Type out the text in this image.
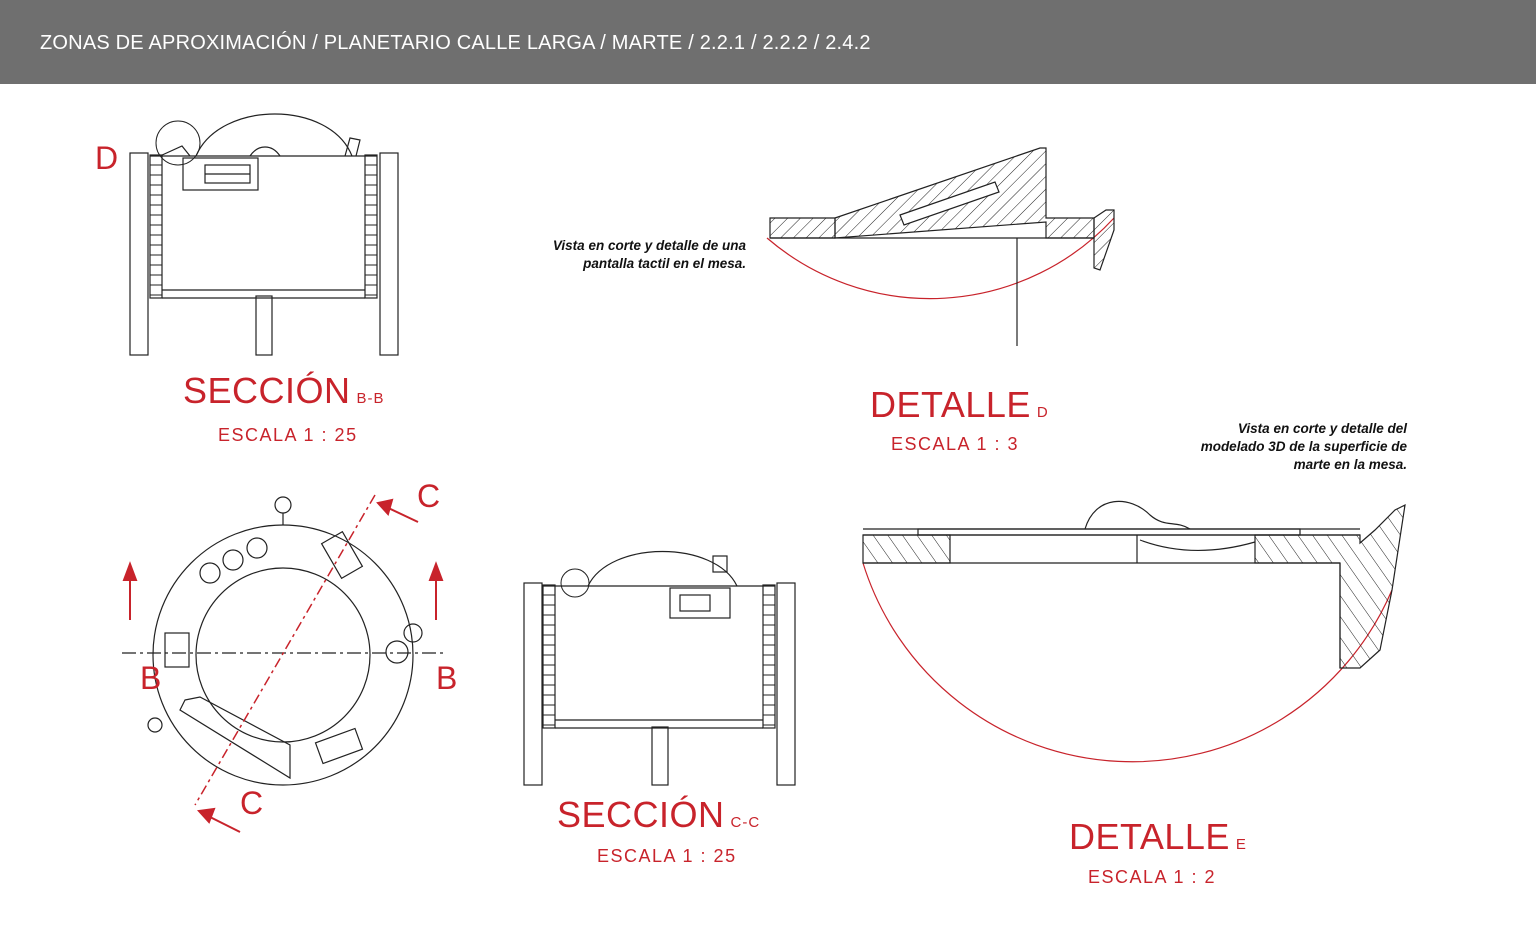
ZONAS DE APROXIMACIÓN / PLANETARIO CALLE LARGA / MARTE / 2.2.1 / 2.2.2 / 2.4.2
D
SECCIÓN B-B
ESCALA 1 : 25
Vista en corte y detalle de una
pantalla tactil en el mesa.
DETALLE D
ESCALA 1 : 3
C
C
B	B
SECCIÓN C-C
ESCALA 1 : 25
Vista en corte y detalle del
modelado 3D de la superficie de
marte en la mesa.
DETALLE E
ESCALA 1 : 2
